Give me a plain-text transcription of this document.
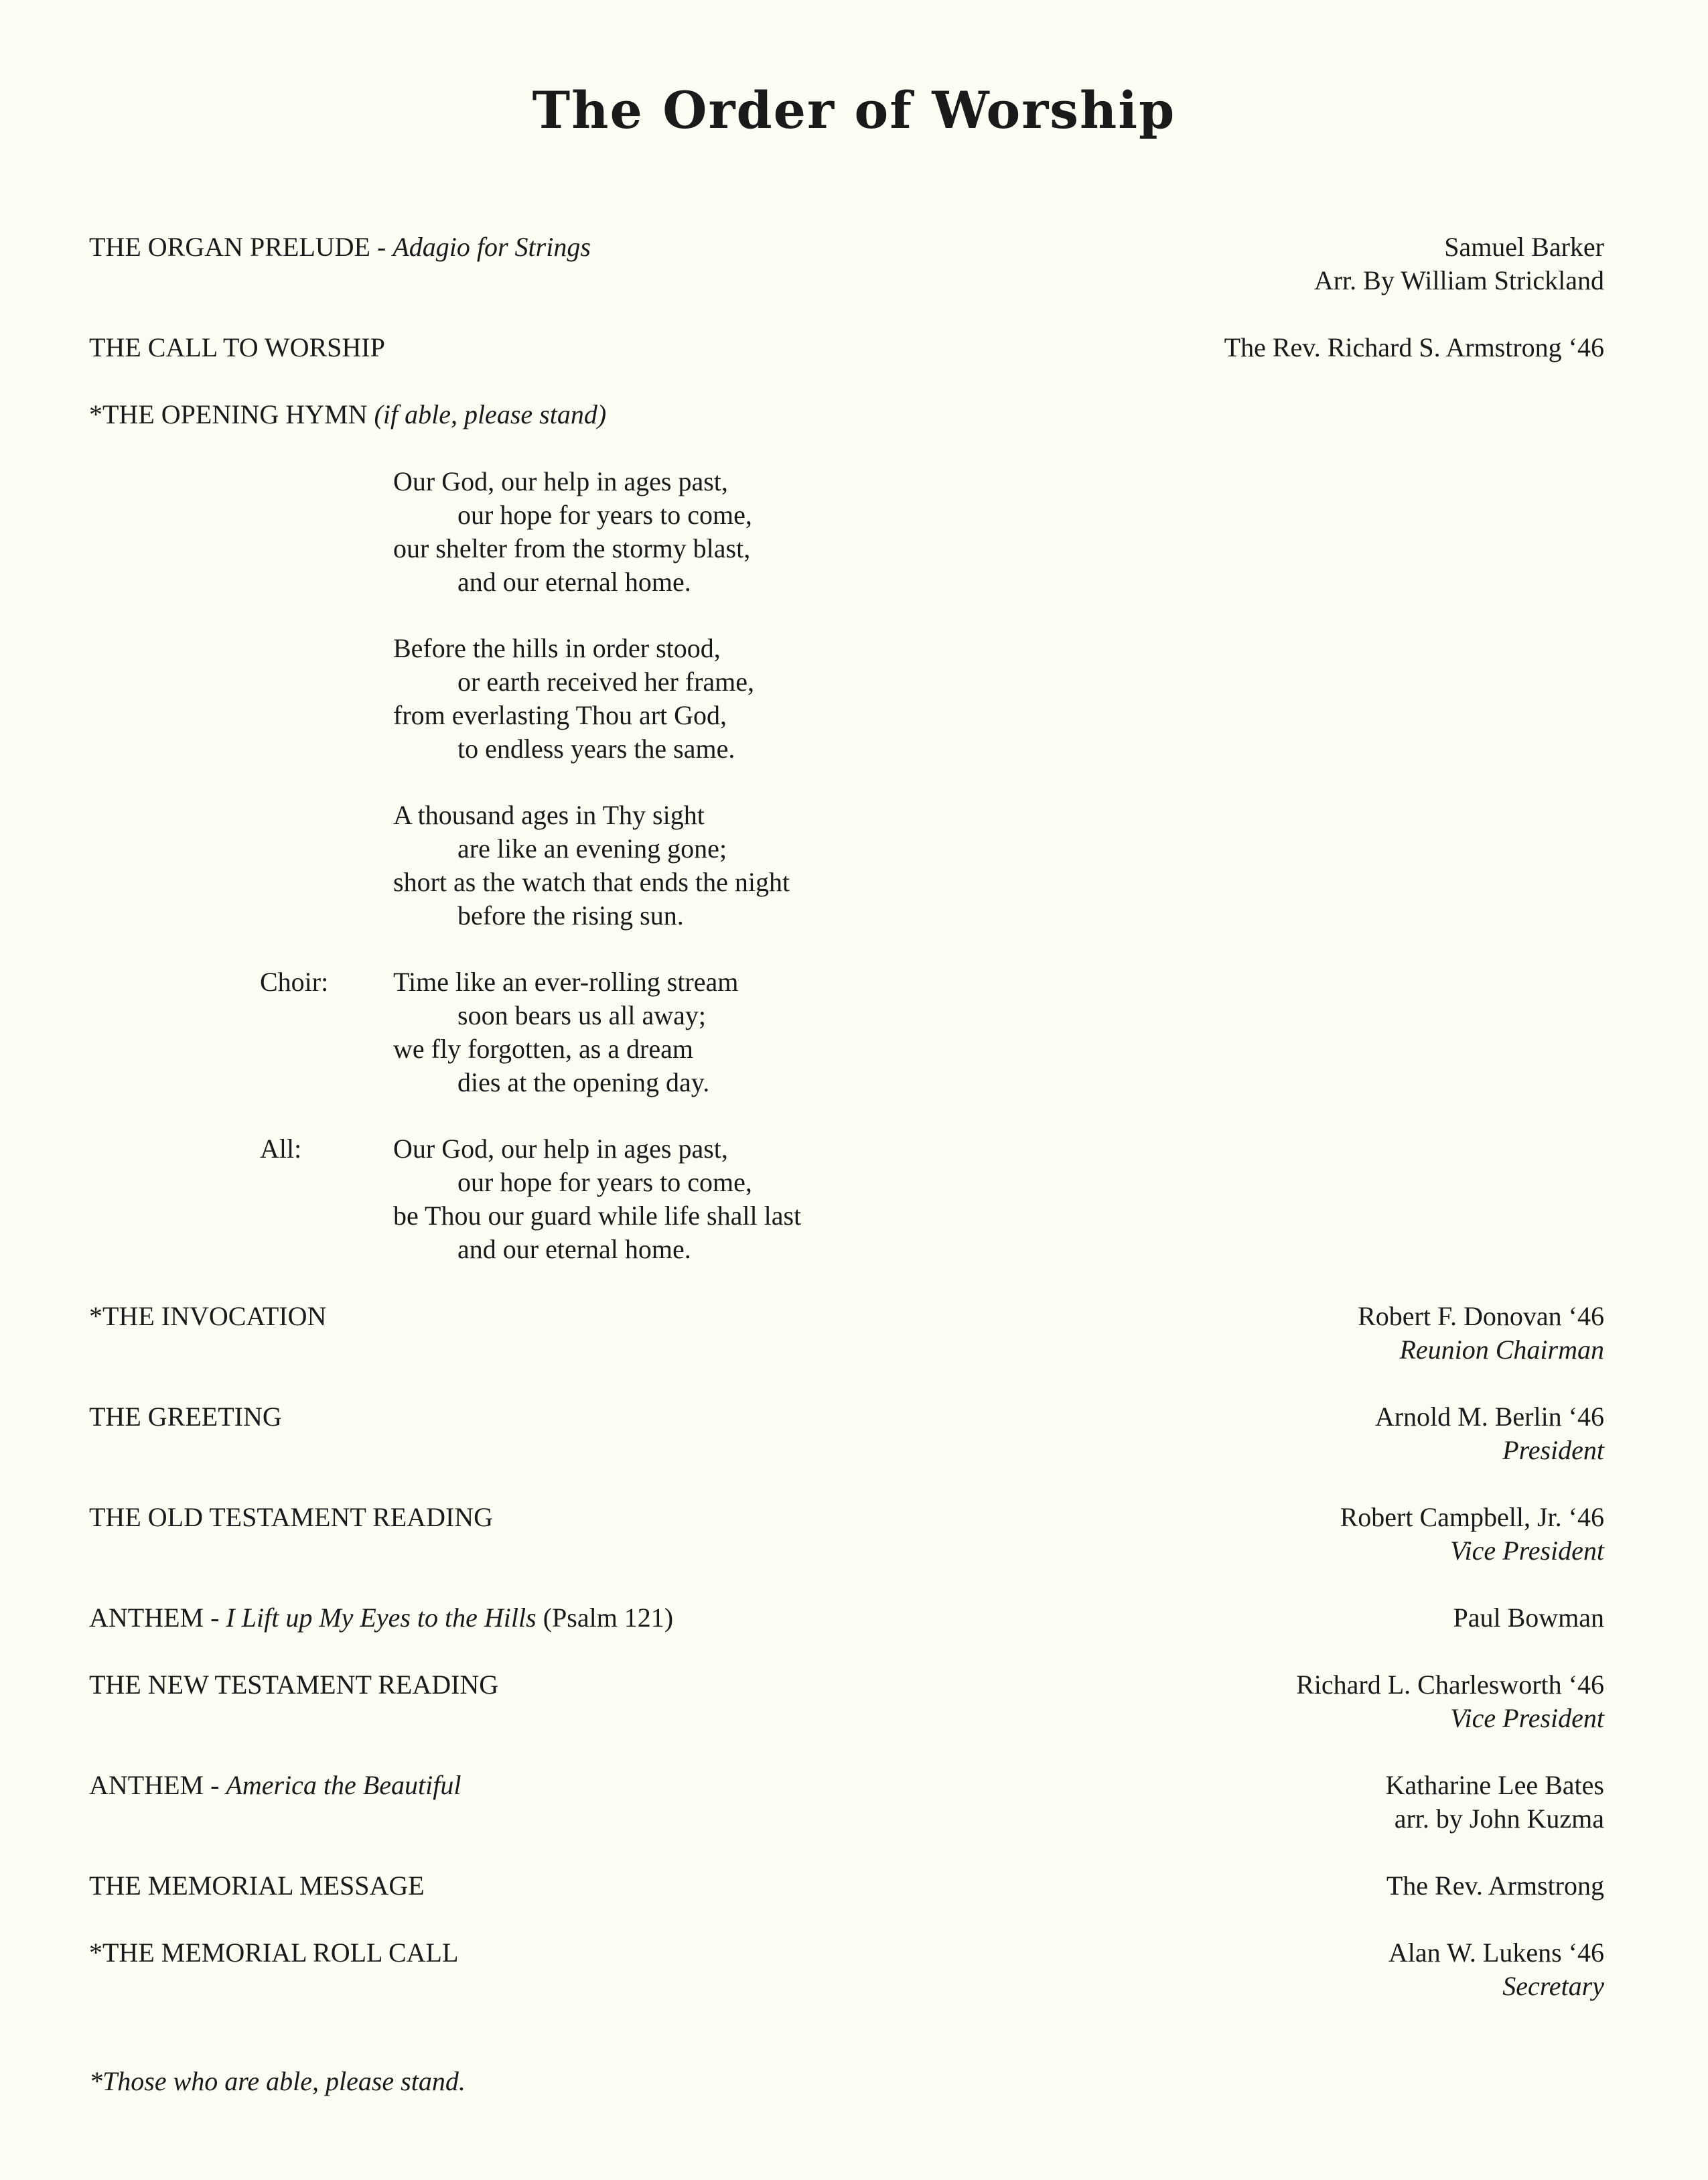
The Order of Worship
THE ORGAN PRELUDE - Adagio for Strings	Samuel Barker
Arr. By William Strickland
THE CALL TO WORSHIP	The Rev. Richard S. Armstrong ‘46
*THE OPENING HYMN (if able, please stand)
Our God, our help in ages past,
our hope for years to come,
our shelter from the stormy blast,
and our eternal home.
Before the hills in order stood,
or earth received her frame,
from everlasting Thou art God,
to endless years the same.
A thousand ages in Thy sight
are like an evening gone;
short as the watch that ends the night
before the rising sun.
Choir: Time like an ever-rolling stream
soon bears us all away;
we fly forgotten, as a dream
dies at the opening day.
All:	Our God, our help in ages past,
our hope for years to come,
be Thou our guard while life shall last
and our eternal home.
*THE INVOCATION	Robert F. Donovan ‘46
Reunion Chairman
THE GREETING	Arnold M. Berlin ‘46
President
THE OLD TESTAMENT READING	Robert Campbell, Jr. ‘46
Vice President
ANTHEM - I Lift up My Eyes to the Hills (Psalm 121)	Paul Bowman
THE NEW TESTAMENT READING	Richard L. Charlesworth ‘46
Vice President
ANTHEM - America the Beautiful	Katharine Lee Bates
arr. by John Kuzma
THE MEMORIAL MESSAGE	The Rev. Armstrong
*THE MEMORIAL ROLL CALL	Alan W. Lukens ‘46
Secretary
*Those who are able, please stand.
